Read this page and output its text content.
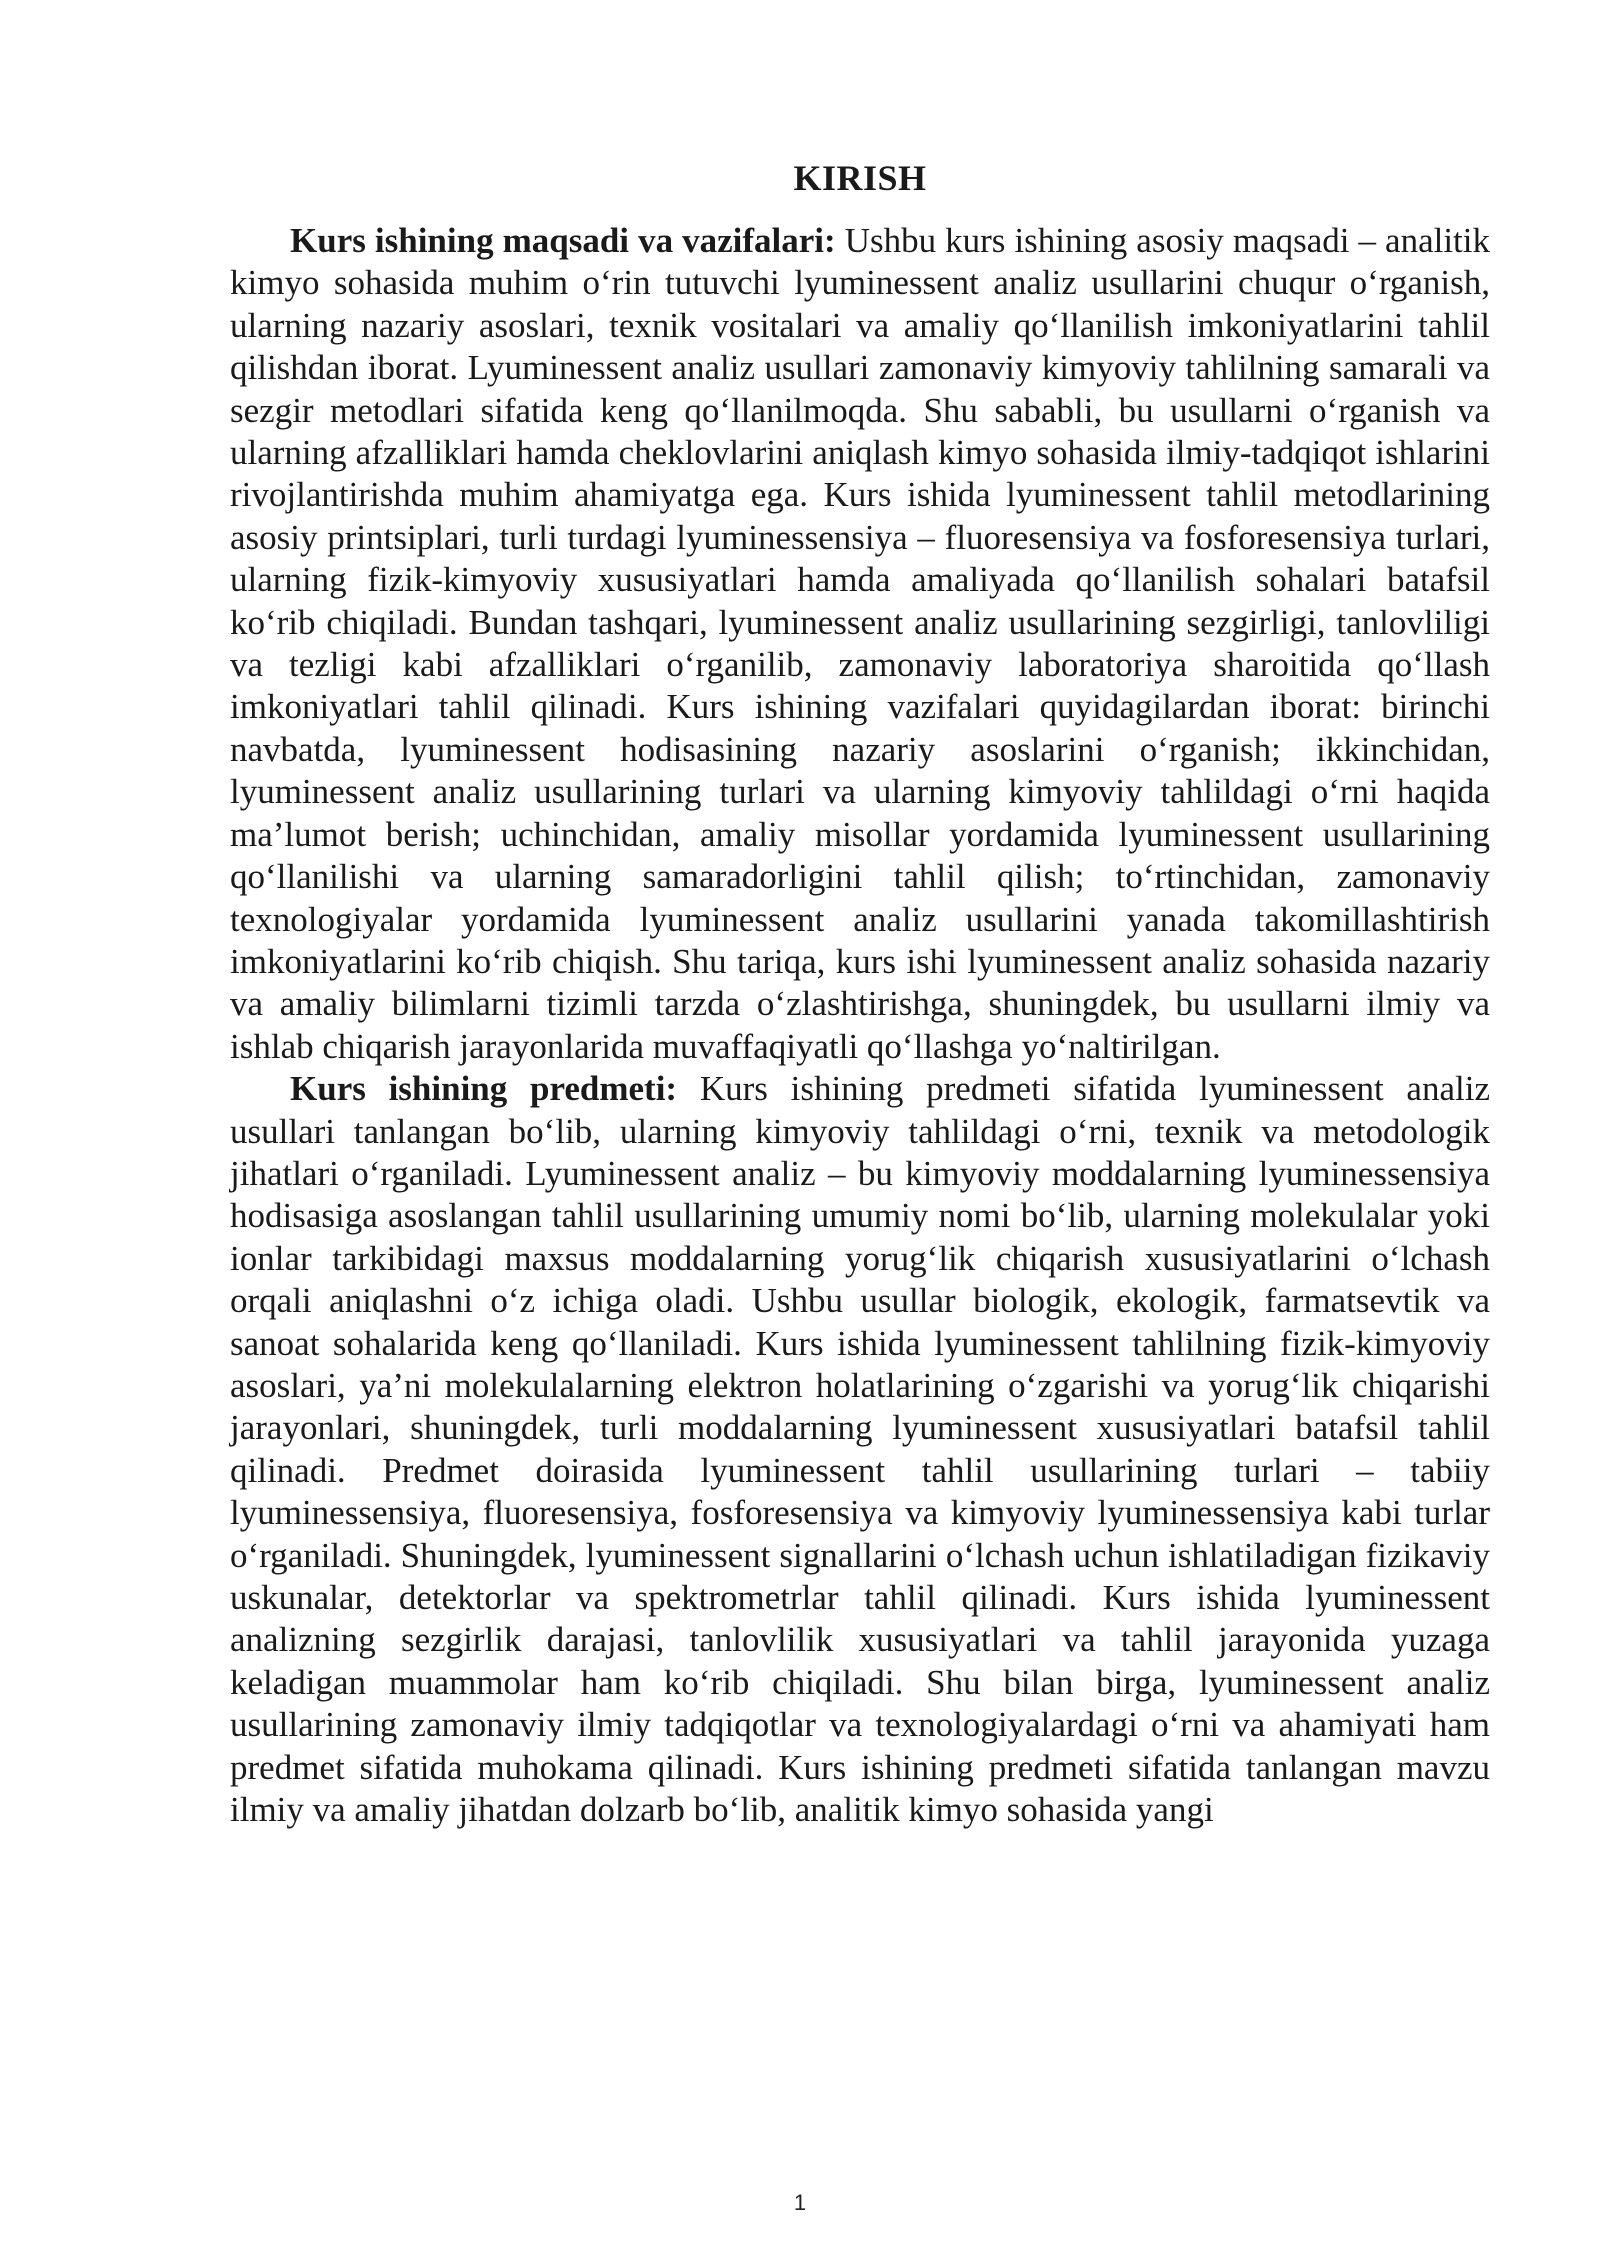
KIRISH

Kurs ishining maqsadi va vazifalari: Ushbu kurs ishining asosiy maqsadi – analitik kimyo sohasida muhim o‘rin tutuvchi lyuminessent analiz usullarini chuqur o‘rganish, ularning nazariy asoslari, texnik vositalari va amaliy qo‘llanilish imkoniyatlarini tahlil qilishdan iborat. Lyuminessent analiz usullari zamonaviy kimyoviy tahlilning samarali va sezgir metodlari sifatida keng qo‘llanilmoqda. Shu sababli, bu usullarni o‘rganish va ularning afzalliklari hamda cheklovlarini aniqlash kimyo sohasida ilmiy-tadqiqot ishlarini rivojlantirishda muhim ahamiyatga ega. Kurs ishida lyuminessent tahlil metodlarining asosiy printsiplari, turli turdagi lyuminessensiya – fluoresensiya va fosforesensiya turlari, ularning fizik-kimyoviy xususiyatlari hamda amaliyada qo‘llanilish sohalari batafsil ko‘rib chiqiladi. Bundan tashqari, lyuminessent analiz usullarining sezgirligi, tanlovliligi va tezligi kabi afzalliklari o‘rganilib, zamonaviy laboratoriya sharoitida qo‘llash imkoniyatlari tahlil qilinadi. Kurs ishining vazifalari quyidagilardan iborat: birinchi navbatda, lyuminessent hodisasining nazariy asoslarini o‘rganish; ikkinchidan, lyuminessent analiz usullarining turlari va ularning kimyoviy tahlildagi o‘rni haqida ma’lumot berish; uchinchidan, amaliy misollar yordamida lyuminessent usullarining qo‘llanilishi va ularning samaradorligini tahlil qilish; to‘rtinchidan, zamonaviy texnologiyalar yordamida lyuminessent analiz usullarini yanada takomillashtirish imkoniyatlarini ko‘rib chiqish. Shu tariqa, kurs ishi lyuminessent analiz sohasida nazariy va amaliy bilimlarni tizimli tarzda o‘zlashtirishga, shuningdek, bu usullarni ilmiy va ishlab chiqarish jarayonlarida muvaffaqiyatli qo‘llashga yo‘naltirilgan.

Kurs ishining predmeti: Kurs ishining predmeti sifatida lyuminessent analiz usullari tanlangan bo‘lib, ularning kimyoviy tahlildagi o‘rni, texnik va metodologik jihatlari o‘rganiladi. Lyuminessent analiz – bu kimyoviy moddalarning lyuminessensiya hodisasiga asoslangan tahlil usullarining umumiy nomi bo‘lib, ularning molekulalar yoki ionlar tarkibidagi maxsus moddalarning yorug‘lik chiqarish xususiyatlarini o‘lchash orqali aniqlashni o‘z ichiga oladi. Ushbu usullar biologik, ekologik, farmatsevtik va sanoat sohalarida keng qo‘llaniladi. Kurs ishida lyuminessent tahlilning fizik-kimyoviy asoslari, ya’ni molekulalarning elektron holatlarining o‘zgarishi va yorug‘lik chiqarishi jarayonlari, shuningdek, turli moddalarning lyuminessent xususiyatlari batafsil tahlil qilinadi. Predmet doirasida lyuminessent tahlil usullarining turlari – tabiiy lyuminessensiya, fluoresensiya, fosforesensiya va kimyoviy lyuminessensiya kabi turlar o‘rganiladi. Shuningdek, lyuminessent signallarini o‘lchash uchun ishlatiladigan fizikaviy uskunalar, detektorlar va spektrometrlar tahlil qilinadi. Kurs ishida lyuminessent analizning sezgirlik darajasi, tanlovlilik xususiyatlari va tahlil jarayonida yuzaga keladigan muammolar ham ko‘rib chiqiladi. Shu bilan birga, lyuminessent analiz usullarining zamonaviy ilmiy tadqiqotlar va texnologiyalardagi o‘rni va ahamiyati ham predmet sifatida muhokama qilinadi. Kurs ishining predmeti sifatida tanlangan mavzu ilmiy va amaliy jihatdan dolzarb bo‘lib, analitik kimyo sohasida yangi

1
